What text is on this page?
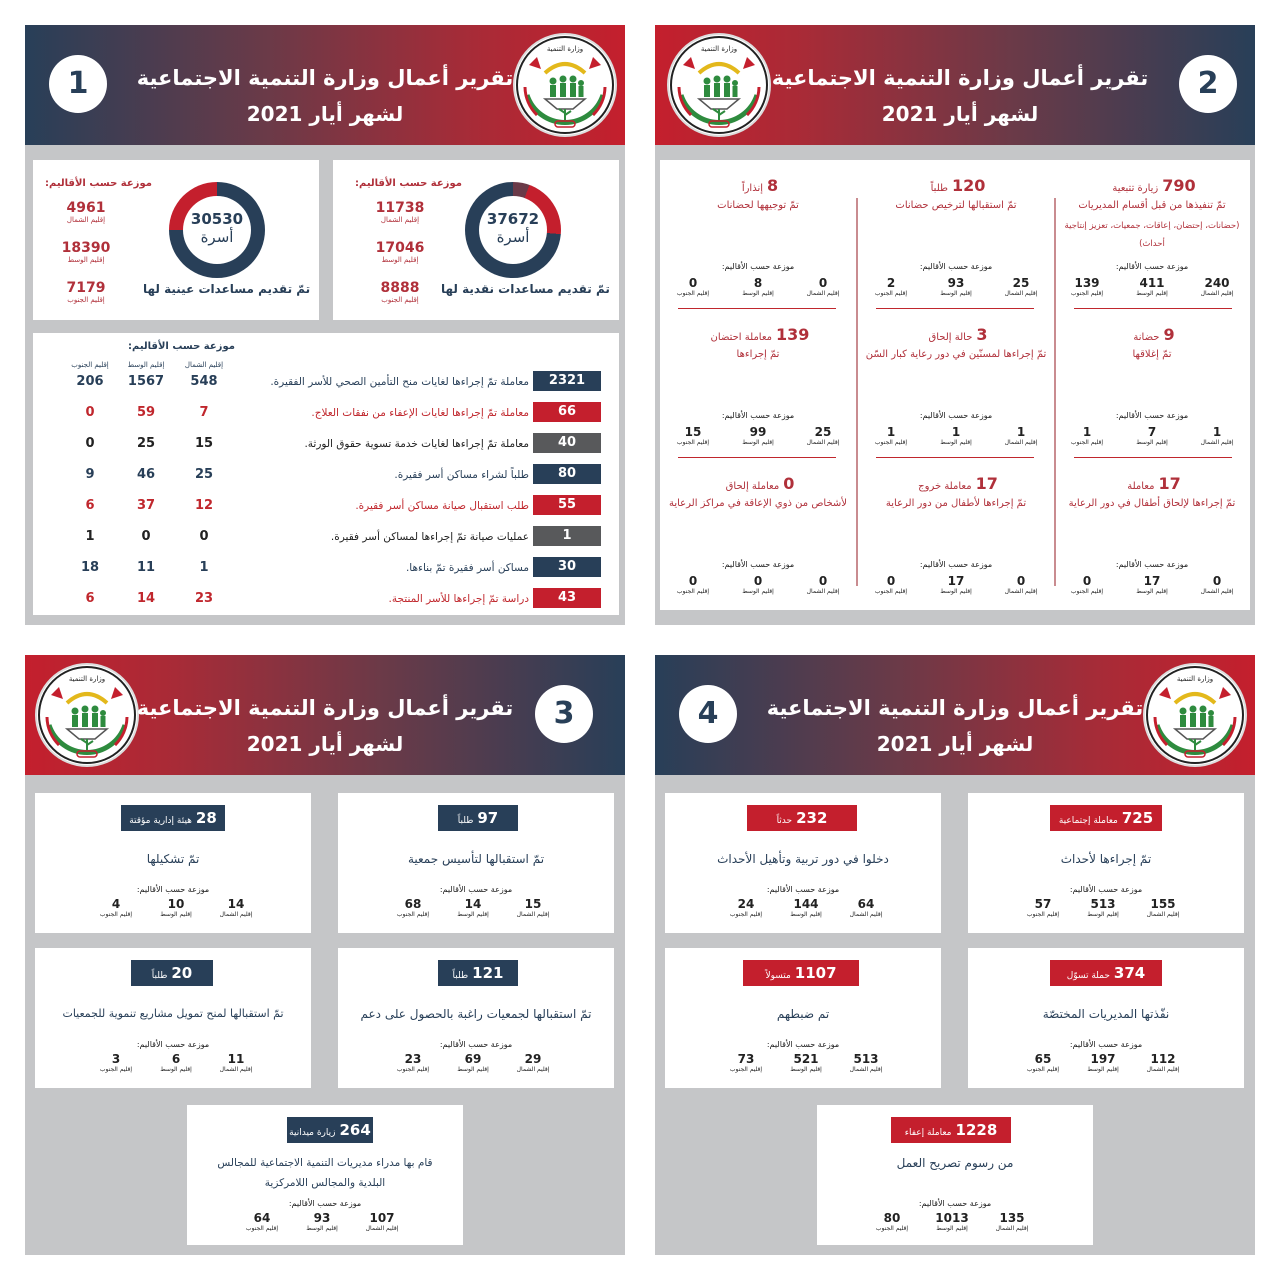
1	تقرير أعمال وزارة التنمية الاجتماعية
لشهر أيار 2021
موزعة حسب الأقاليم:
4961
إقليم الشمال
18390
إقليم الوسط
7179
إقليم الجنوب
30530
أسرة
تمّ تقديم مساعدات عينية لها
موزعة حسب الأقاليم:
11738
إقليم الشمال
17046
إقليم الوسط
8888
إقليم الجنوب
37672
أسرة
تمّ تقديم مساعدات نقدية لها
موزعة حسب الأقاليم:
إقليم الجنوب	إقليم الوسط	إقليم الشمال
206	1567	548	معاملة تمّ إجراءها لغايات منح التأمين الصحي للأسر الفقيرة.	2321
0	59	7	معاملة تمّ إجراءها لغايات الإعفاء من نفقات العلاج.	66
0	25	15	معاملة تمّ إجراءها لغايات خدمة تسوية حقوق الورثة.	40
9	46	25	طلباً لشراء مساكن أسر فقيرة.	80
6	37	12	طلب استقبال صيانة مساكن أسر فقيرة.	55
1	0	0	عمليات صيانة تمّ إجراءها لمساكن أسر فقيرة.	1
18	11	1	مساكن أسر فقيرة تمّ بناءها.	30
6	14	23	دراسة تمّ إجراءها للأسر المنتجة.	43
تقرير أعمال وزارة التنمية الاجتماعية
لشهر أيار 2021
2
790زيارة تتبعية
تمّ تنفيذها من قبل أقسام المديريات
(حضانات، إحتضان، إعاقات، جمعيات، تعزيز إنتاجية أحداث)
موزعة حسب الأقاليم:
139
إقليم الجنوب
411
إقليم الوسط
240
إقليم الشمال
120طلباً
تمّ استقبالها لترخيص حضانات
موزعة حسب الأقاليم:
2
إقليم الجنوب
93
إقليم الوسط
25
إقليم الشمال
8إنذاراً
تمّ توجيهها لحضانات
موزعة حسب الأقاليم:
0
إقليم الجنوب
8
إقليم الوسط
0
إقليم الشمال
9حضانة
تمّ إغلاقها
موزعة حسب الأقاليم:
1
إقليم الجنوب
7
إقليم الوسط
1
إقليم الشمال
3حالة إلحاق
تمّ إجراءها لمسنّين في دور رعاية كبار السّن
موزعة حسب الأقاليم:
1
إقليم الجنوب
1
إقليم الوسط
1
إقليم الشمال
139معاملة احتضان
تمّ إجراءها
موزعة حسب الأقاليم:
15
إقليم الجنوب
99
إقليم الوسط
25
إقليم الشمال
17معاملة
تمّ إجراءها لإلحاق أطفال في دور الرعاية
موزعة حسب الأقاليم:
0
إقليم الجنوب
17
إقليم الوسط
0
إقليم الشمال
17معاملة خروج
تمّ إجراءها لأطفال من دور الرعاية
موزعة حسب الأقاليم:
0
إقليم الجنوب
17
إقليم الوسط
0
إقليم الشمال
0معاملة إلحاق
لأشخاص من ذوي الإعاقة في مراكز الرعاية
موزعة حسب الأقاليم:
0
إقليم الجنوب
0
إقليم الوسط
0
إقليم الشمال
تقرير أعمال وزارة التنمية الاجتماعية
لشهر أيار 2021
3
97طلباً
تمّ استقبالها لتأسيس جمعية
موزعة حسب الأقاليم:
68
إقليم الجنوب
14
إقليم الوسط
15
إقليم الشمال
28هيئة إدارية مؤقتة
تمّ تشكيلها
موزعة حسب الأقاليم:
4
إقليم الجنوب
10
إقليم الوسط
14
إقليم الشمال
121طلباً
تمّ استقبالها لجمعيات راغبة بالحصول على دعم
موزعة حسب الأقاليم:
23
إقليم الجنوب
69
إقليم الوسط
29
إقليم الشمال
20طلباً
تمّ استقبالها لمنح تمويل مشاريع تنموية للجمعيات
موزعة حسب الأقاليم:
3
إقليم الجنوب
6
إقليم الوسط
11
إقليم الشمال
264زيارة ميدانية
قام بها مدراء مديريات التنمية الاجتماعية للمجالس البلدية والمجالس اللامركزية
موزعة حسب الأقاليم:
64
إقليم الجنوب
93
إقليم الوسط
107
إقليم الشمال
4	تقرير أعمال وزارة التنمية الاجتماعية
لشهر أيار 2021
725معاملة إجتماعية
تمّ إجراءها لأحداث
موزعة حسب الأقاليم:
57
إقليم الجنوب
513
إقليم الوسط
155
إقليم الشمال
232حدثاً
دخلوا في دور تربية وتأهيل الأحداث
موزعة حسب الأقاليم:
24
إقليم الجنوب
144
إقليم الوسط
64
إقليم الشمال
374حملة تسوّل
نفّذتها المديريات المختصّة
موزعة حسب الأقاليم:
65
إقليم الجنوب
197
إقليم الوسط
112
إقليم الشمال
1107متسولاً
تم ضبطهم
موزعة حسب الأقاليم:
73
إقليم الجنوب
521
إقليم الوسط
513
إقليم الشمال
1228معاملة إعفاء
من رسوم تصريح العمل
موزعة حسب الأقاليم:
80
إقليم الجنوب
1013
إقليم الوسط
135
إقليم الشمال
